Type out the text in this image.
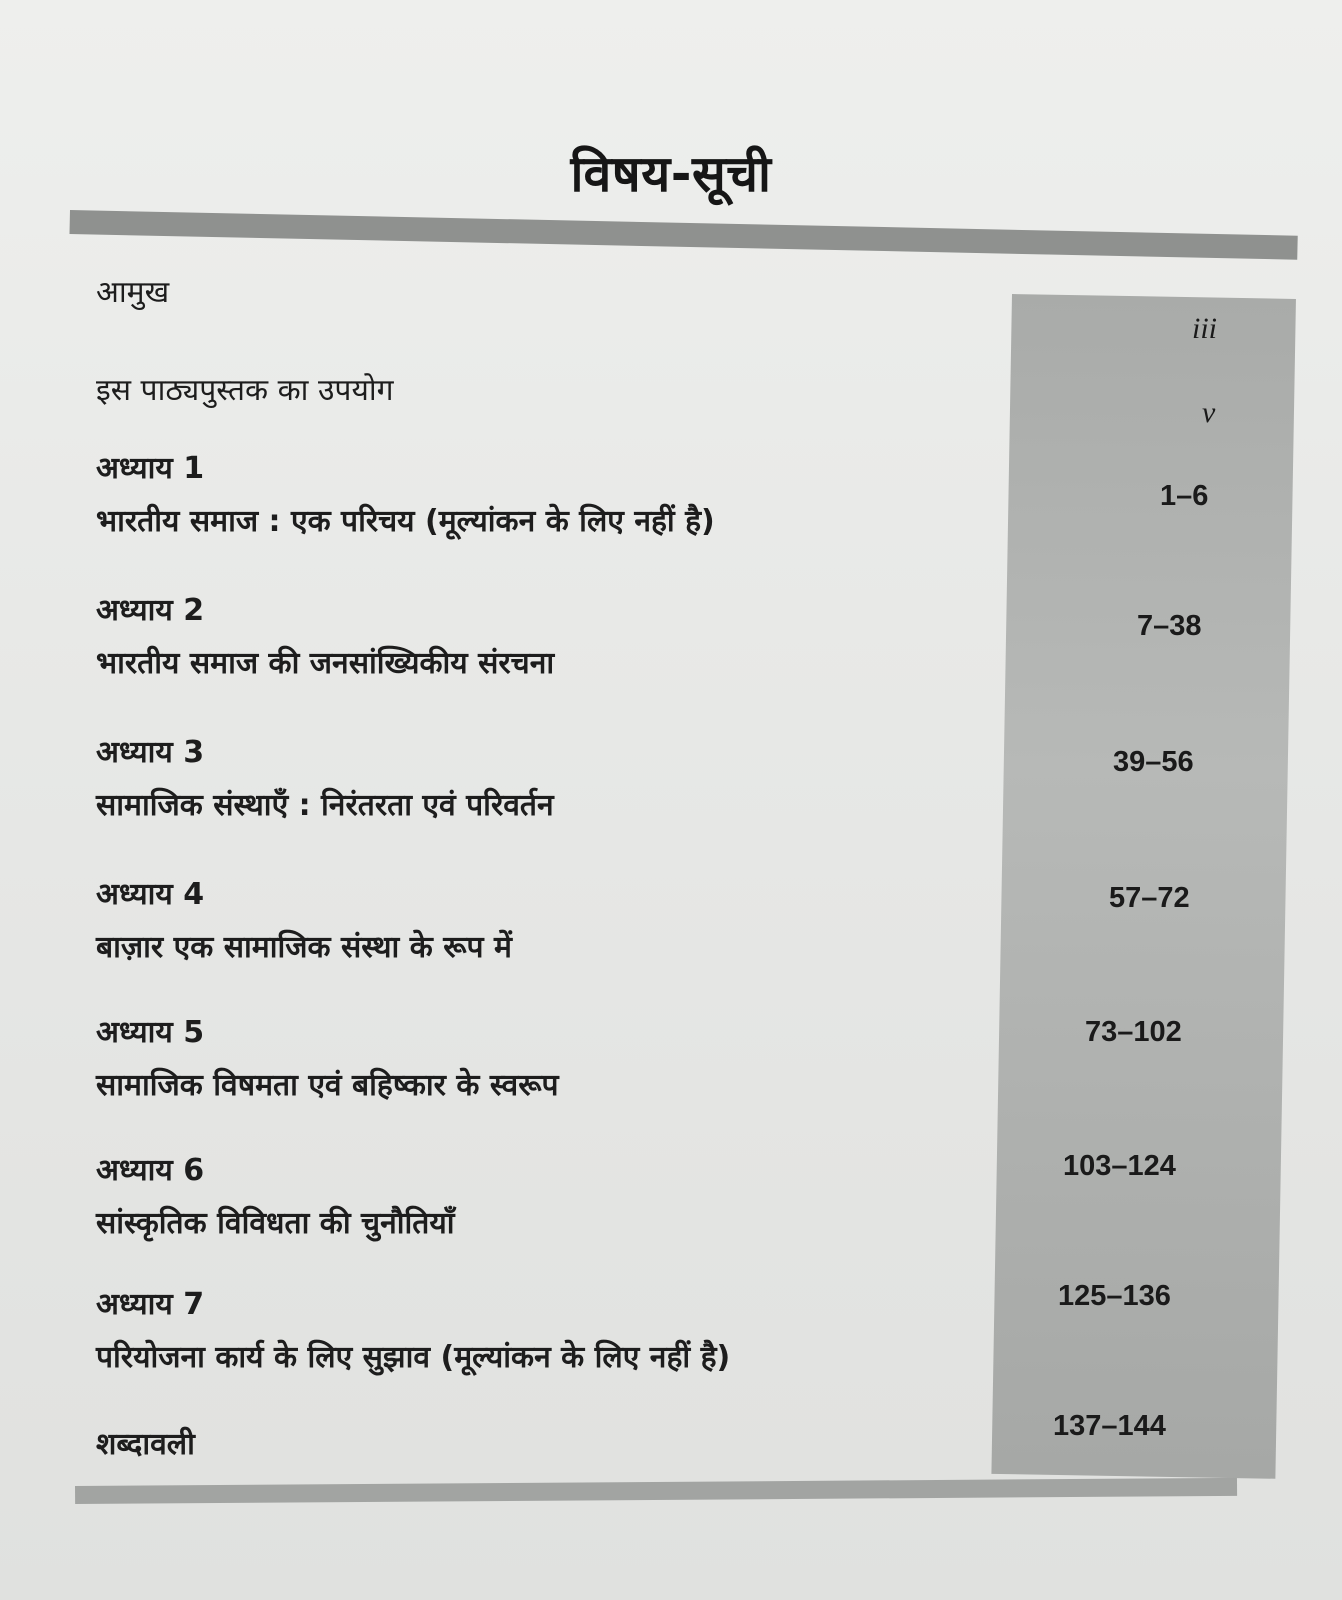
विषय-सूची
आमुख
iii
इस पाठ्यपुस्तक का उपयोग
v
अध्याय 1
भारतीय समाज : एक परिचय (मूल्यांकन के लिए नहीं है)
1–6
अध्याय 2
भारतीय समाज की जनसांख्यिकीय संरचना
7–38
अध्याय 3
सामाजिक संस्थाएँ : निरंतरता एवं परिवर्तन
39–56
अध्याय 4
बाज़ार एक सामाजिक संस्था के रूप में
57–72
अध्याय 5
सामाजिक विषमता एवं बहिष्कार के स्वरूप
73–102
अध्याय 6
सांस्कृतिक विविधता की चुनौतियाँ
103–124
अध्याय 7
परियोजना कार्य के लिए सुझाव (मूल्यांकन के लिए नहीं है)
125–136
शब्दावली
137–144
